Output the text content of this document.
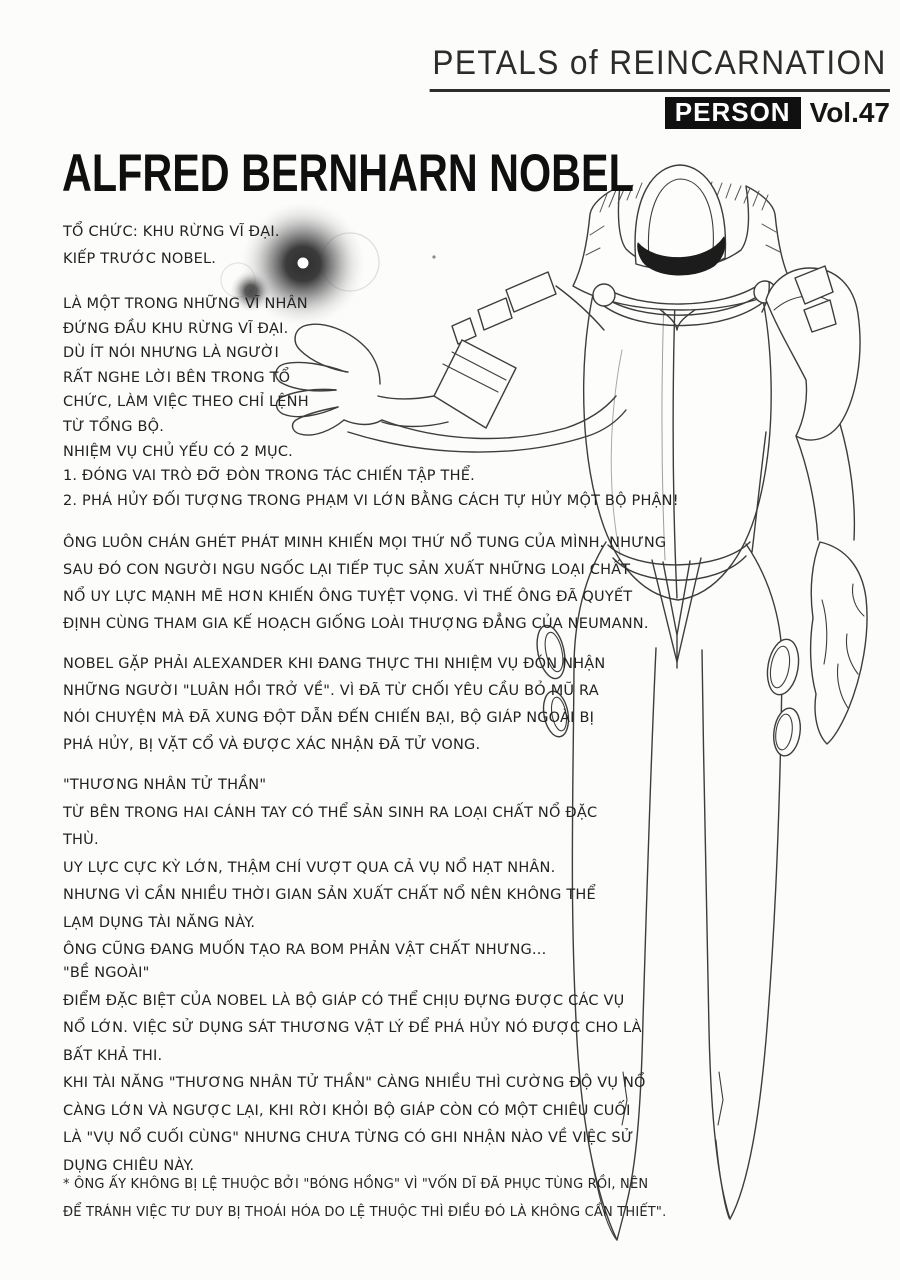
PETALS of REINCARNATION
PERSON Vol.47
ALFRED BERNHARN NOBEL
TỔ CHỨC: KHU RỪNG VĨ ĐẠI.
KIẾP TRƯỚC NOBEL.
LÀ MỘT TRONG NHỮNG VĨ NHÂN
ĐỨNG ĐẦU KHU RỪNG VĨ ĐẠI.
DÙ ÍT NÓI NHƯNG LÀ NGƯỜI
RẤT NGHE LỜI BÊN TRONG TỔ
CHỨC, LÀM VIỆC THEO CHỈ LỆNH
TỪ TỔNG BỘ.
NHIỆM VỤ CHỦ YẾU CÓ 2 MỤC.
1. ĐÓNG VAI TRÒ ĐỠ ĐÒN TRONG TÁC CHIẾN TẬP THỂ.
2. PHÁ HỦY ĐỐI TƯỢNG TRONG PHẠM VI LỚN BẰNG CÁCH TỰ HỦY MỘT BỘ PHẬN!
ÔNG LUÔN CHÁN GHÉT PHÁT MINH KHIẾN MỌI THỨ NỔ TUNG CỦA MÌNH. NHƯNG
SAU ĐÓ CON NGƯỜI NGU NGỐC LẠI TIẾP TỤC SẢN XUẤT NHỮNG LOẠI CHẤT
NỔ UY LỰC MẠNH MẼ HƠN KHIẾN ÔNG TUYỆT VỌNG. VÌ THẾ ÔNG ĐÃ QUYẾT
ĐỊNH CÙNG THAM GIA KẾ HOẠCH GIỐNG LOÀI THƯỢNG ĐẲNG CỦA NEUMANN.
NOBEL GẶP PHẢI ALEXANDER KHI ĐANG THỰC THI NHIỆM VỤ ĐÓN NHẬN
NHỮNG NGƯỜI "LUÂN HỒI TRỞ VỀ". VÌ ĐÃ TỪ CHỐI YÊU CẦU BỎ MŨ RA
NÓI CHUYỆN MÀ ĐÃ XUNG ĐỘT DẪN ĐẾN CHIẾN BẠI, BỘ GIÁP NGOÀI BỊ
PHÁ HỦY, BỊ VẶT CỔ VÀ ĐƯỢC XÁC NHẬN ĐÃ TỬ VONG.
"THƯƠNG NHÂN TỬ THẦN"
TỪ BÊN TRONG HAI CÁNH TAY CÓ THỂ SẢN SINH RA LOẠI CHẤT NỔ ĐẶC
THÙ.
UY LỰC CỰC KỲ LỚN, THẬM CHÍ VƯỢT QUA CẢ VỤ NỔ HẠT NHÂN.
NHƯNG VÌ CẦN NHIỀU THỜI GIAN SẢN XUẤT CHẤT NỔ NÊN KHÔNG THỂ
LẠM DỤNG TÀI NĂNG NÀY.
ÔNG CŨNG ĐANG MUỐN TẠO RA BOM PHẢN VẬT CHẤT NHƯNG...
"BỀ NGOÀI"
ĐIỂM ĐẶC BIỆT CỦA NOBEL LÀ BỘ GIÁP CÓ THỂ CHỊU ĐỰNG ĐƯỢC CÁC VỤ
NỔ LỚN. VIỆC SỬ DỤNG SÁT THƯƠNG VẬT LÝ ĐỂ PHÁ HỦY NÓ ĐƯỢC CHO LÀ
BẤT KHẢ THI.
KHI TÀI NĂNG "THƯƠNG NHÂN TỬ THẦN" CÀNG NHIỀU THÌ CƯỜNG ĐỘ VỤ NỔ
CÀNG LỚN VÀ NGƯỢC LẠI, KHI RỜI KHỎI BỘ GIÁP CÒN CÓ MỘT CHIÊU CUỐI
LÀ "VỤ NỔ CUỐI CÙNG" NHƯNG CHƯA TỪNG CÓ GHI NHẬN NÀO VỀ VIỆC SỬ
DỤNG CHIÊU NÀY.
* ÔNG ẤY KHÔNG BỊ LỆ THUỘC BỞI "BÓNG HỒNG" VÌ "VỐN DĨ ĐÃ PHỤC TÙNG RỒI, NÊN
ĐỂ TRÁNH VIỆC TƯ DUY BỊ THOÁI HÓA DO LỆ THUỘC THÌ ĐIỀU ĐÓ LÀ KHÔNG CẦN THIẾT".
